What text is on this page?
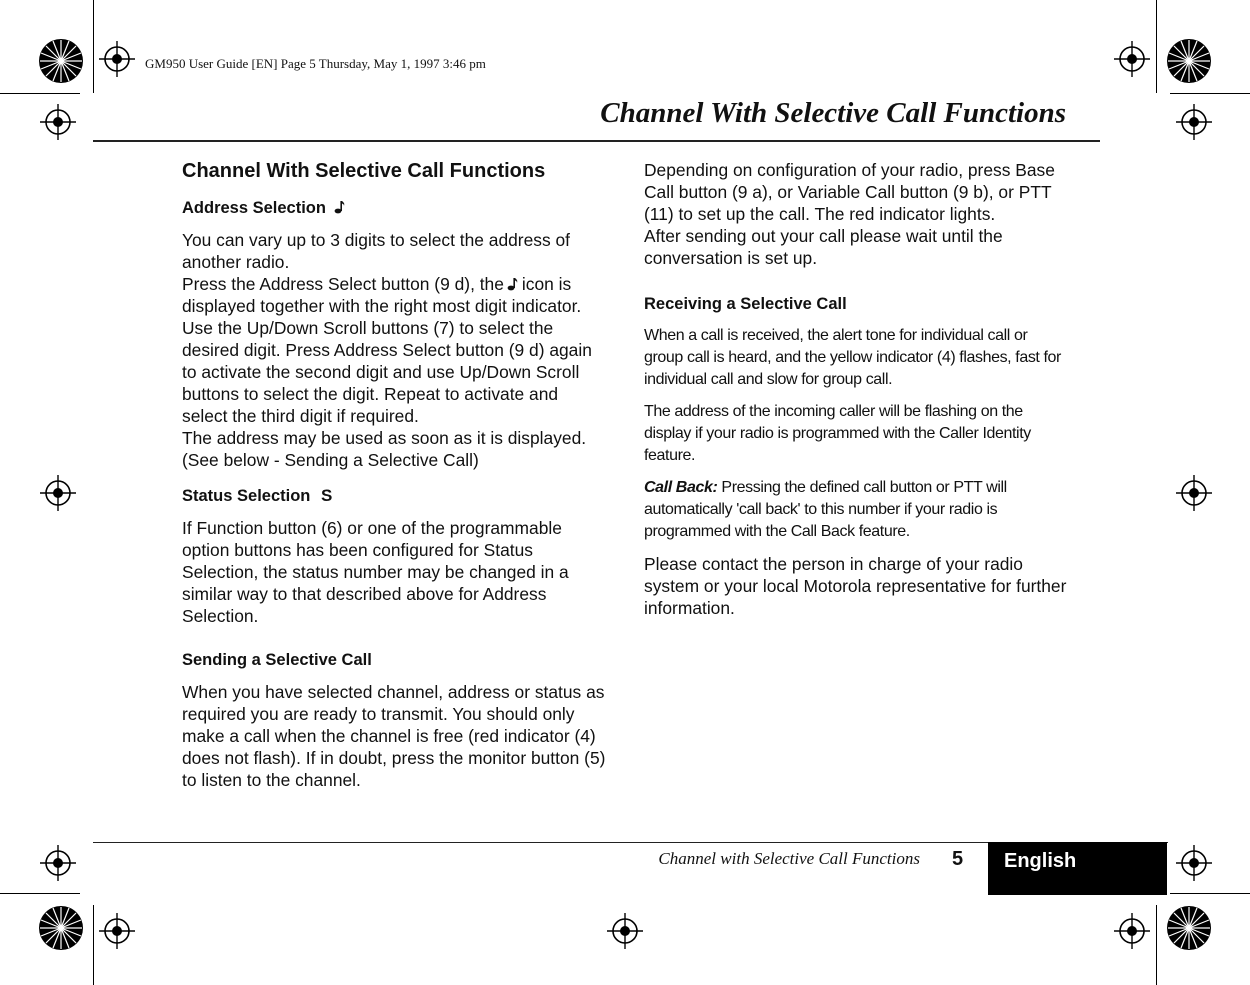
GM950 User Guide [EN] Page 5 Thursday, May 1, 1997 3:46 pm
Channel With Selective Call Functions
Channel With Selective Call Functions
Address Selection

You can vary up to 3 digits to select the address of another radio.

Press the Address Select button (9 d), the icon is displayed together with the right most digit indicator.

Use the Up/Down Scroll buttons (7) to select the desired digit. Press Address Select button (9 d) again to activate the second digit and use Up/Down Scroll buttons to select the digit. Repeat to activate and select the third digit if required.

The address may be used as soon as it is displayed. (See below - Sending a Selective Call)

Status Selection S

If Function button (6) or one of the programmable option buttons has been configured for Status Selection, the status number may be changed in a similar way to that described above for Address Selection.

Sending a Selective Call

When you have selected channel, address or status as required you are ready to transmit. You should only make a call when the channel is free (red indicator (4) does not flash). If in doubt, press the monitor button (5) to listen to the channel.

Depending on configuration of your radio, press Base Call button (9 a), or Variable Call button (9 b), or PTT (11) to set up the call. The red indicator lights.

After sending out your call please wait until the conversation is set up.

Receiving a Selective Call

When a call is received, the alert tone for individual call or group call is heard, and the yellow indicator (4) flashes, fast for individual call and slow for group call.

The address of the incoming caller will be flashing on the display if your radio is programmed with the Caller Identity feature.

Call Back: Pressing the defined call button or PTT will automatically 'call back' to this number if your radio is programmed with the Call Back feature.

Please contact the person in charge of your radio system or your local Motorola representative for further information.

Channel with Selective Call Functions 5 English
